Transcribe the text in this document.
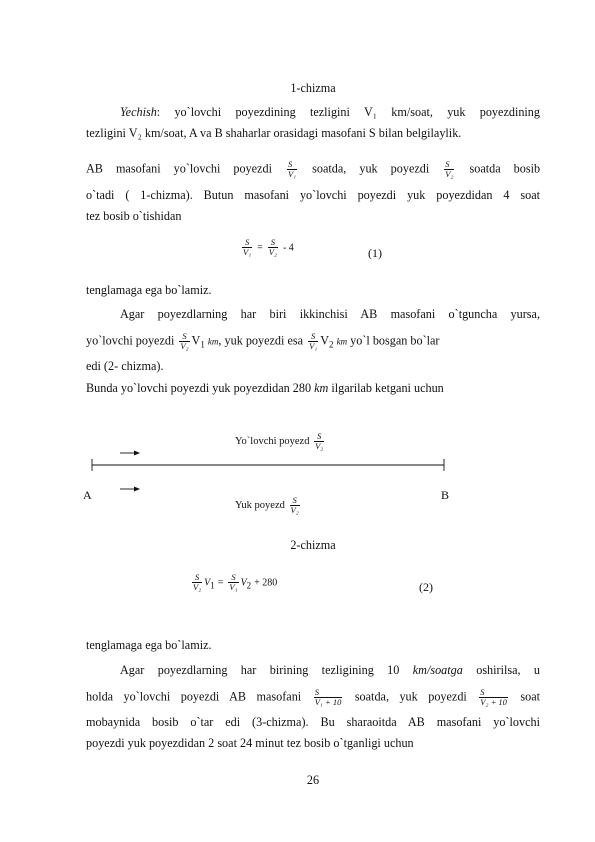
1-chizma
Yechish: yo`lovchi poyezdining tezligini V₁ km/soat, yuk poyezdining
tezligini V₂ km/soat, A va B shaharlar orasidagi masofani S bilan belgilaylik.
AB masofani yo`lovchi poyezdi $\frac{S}{\text{V₁}}$ soatda, yuk poyezdi $\frac{S}{\text{V₂}}$ soatda bosib
o`tadi ( 1-chizma). Butun masofani yo`lovchi poyezdi yuk poyezdidan 4 soat
tez bosib o`tishidan
$\frac{S}{\text{V₁}} = \frac{S}{\text{V₂}} - 4$	(1)
tenglamaga ega bo`lamiz.
Agar poyezdlarning har biri ikkinchisi AB masofani o`tguncha yursa,
yo`lovchi poyezdi $\frac{S}{\text{V₂}} V_1$ km, yuk poyezdi esa $\frac{S}{\text{V₁}} V_2$ km yo`l bosgan bo`lar
edi (2- chizma).
Bunda yo`lovchi poyezdi yuk poyezdidan 280 km ilgarilab ketgani uchun
Yo`lovchi poyezd $\frac{S}{\text{V₂}}$
A	B
Yuk poyezd $\frac{S}{\text{V₂}}$
2-chizma
$\frac{S}{\text{V₂}} V_1 = \frac{S}{\text{V₁}} V_2 + 280$	(2)
tenglamaga ega bo`lamiz.
Agar poyezdlarning har birining tezligining 10 km/soatga oshirilsa, u
holda yo`lovchi poyezdi AB masofani $\frac{S}{\text{V₁ + 10}}$ soatda, yuk poyezdi $\frac{S}{\text{V₂ + 10}}$ soat
mobaynida bosib o`tar edi (3-chizma). Bu sharaoitda AB masofani yo`lovchi
poyezdi yuk poyezdidan 2 soat 24 minut tez bosib o`tganligi uchun
26
